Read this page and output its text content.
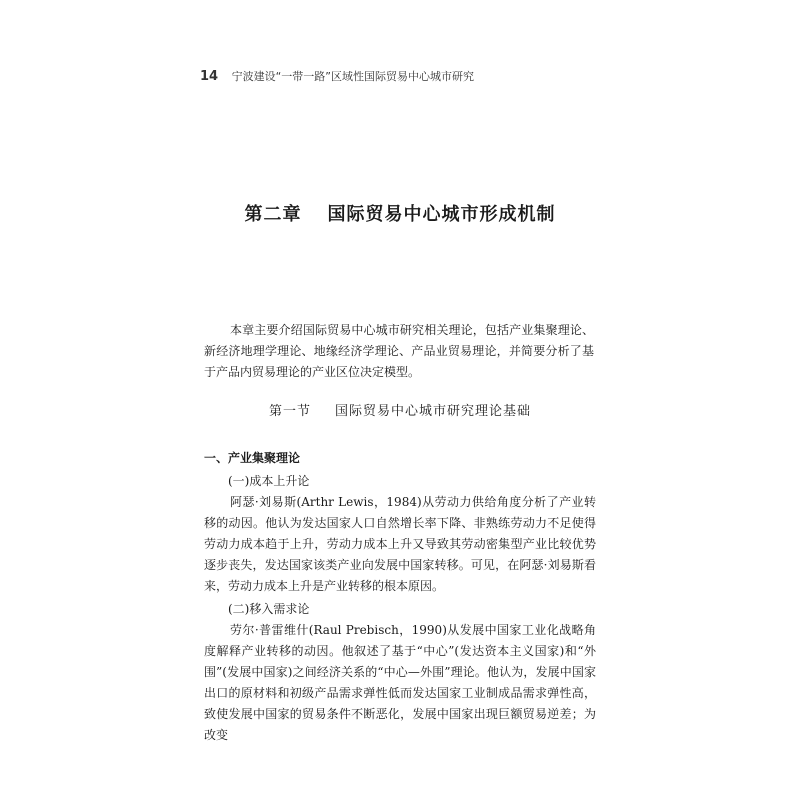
14 宁波建设“一带一路”区域性国际贸易中心城市研究
第二章 国际贸易中心城市形成机制

本章主要介绍国际贸易中心城市研究相关理论，包括产业集聚理论、新经济地理学理论、地缘经济学理论、产品业贸易理论，并简要分析了基于产品内贸易理论的产业区位决定模型。

第一节 国际贸易中心城市研究理论基础

一、产业集聚理论

(一)成本上升论

阿瑟·刘易斯(Arthr Lewis，1984)从劳动力供给角度分析了产业转移的动因。他认为发达国家人口自然增长率下降、非熟练劳动力不足使得劳动力成本趋于上升，劳动力成本上升又导致其劳动密集型产业比较优势逐步丧失，发达国家该类产业向发展中国家转移。可见，在阿瑟·刘易斯看来，劳动力成本上升是产业转移的根本原因。

(二)移入需求论

劳尔·普雷维什(Raul Prebisch，1990)从发展中国家工业化战略角度解释产业转移的动因。他叙述了基于“中心”(发达资本主义国家)和“外围”(发展中国家)之间经济关系的“中心—外围”理论。他认为，发展中国家出口的原材料和初级产品需求弹性低而发达国家工业制成品需求弹性高，致使发展中国家的贸易条件不断恶化，发展中国家出现巨额贸易逆差；为改变
